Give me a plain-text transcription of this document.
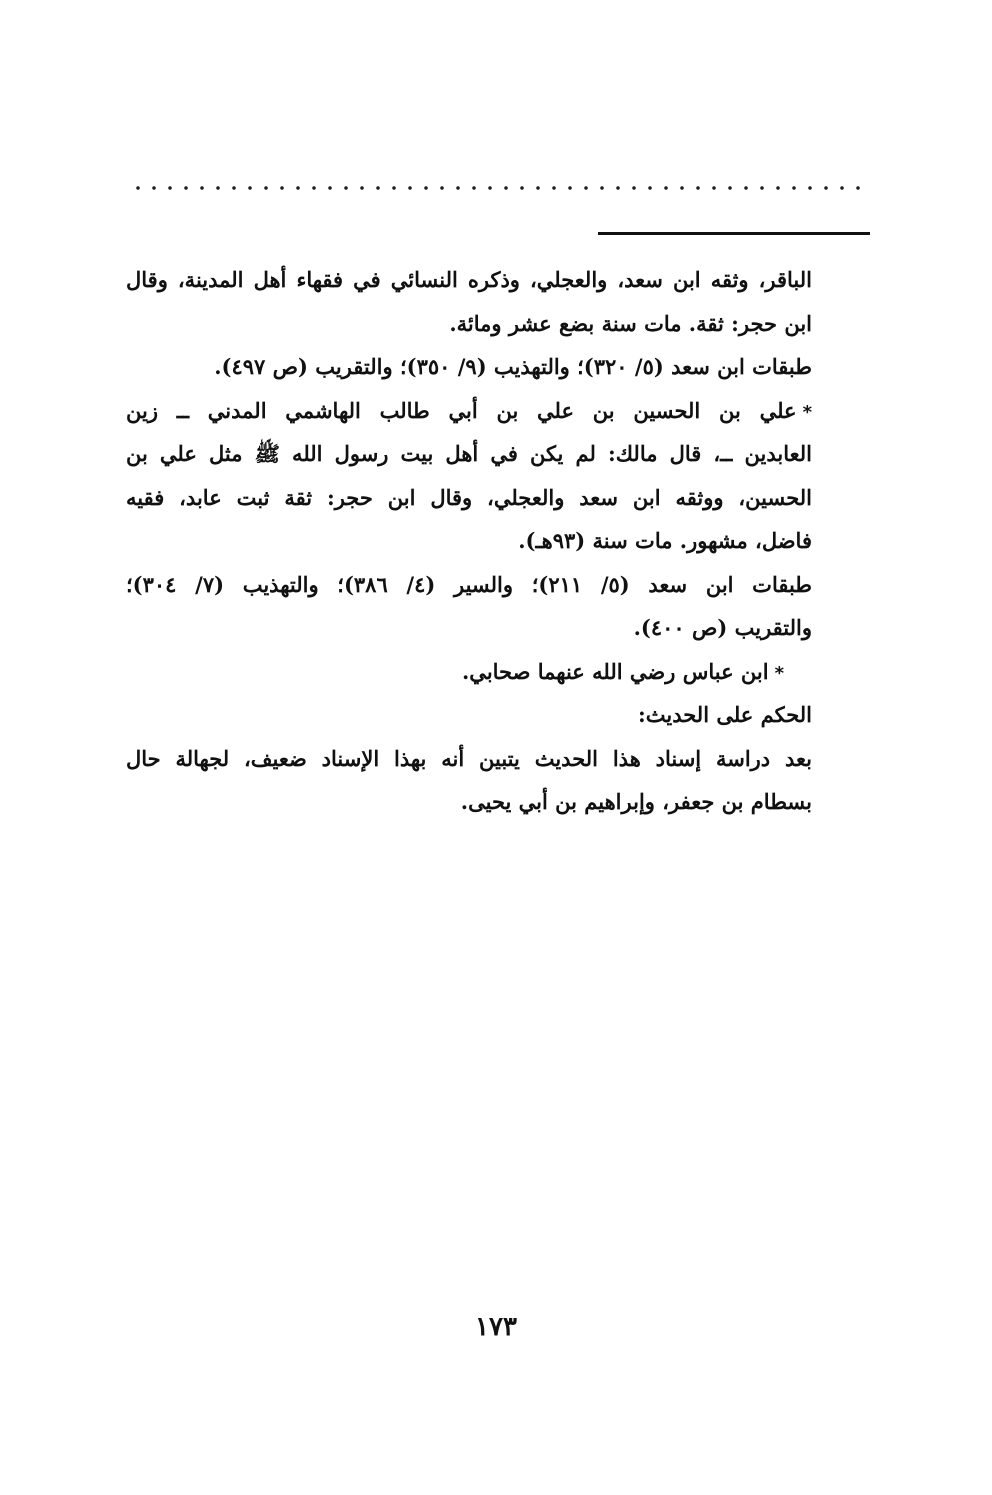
الباقر، وثقه ابن سعد، والعجلي، وذكره النسائي في فقهاء أهل المدينة، وقال
ابن حجر: ثقة. مات سنة بضع عشر ومائة.
طبقات ابن سعد (٥/ ٣٢٠)؛ والتهذيب (٩/ ٣٥٠)؛ والتقريب (ص ٤٩٧).
*علي بن الحسين بن علي بن أبي طالب الهاشمي المدني ــ زين
العابدين ــ، قال مالك: لم يكن في أهل بيت رسول الله ﷺ مثل علي بن
الحسين، ووثقه ابن سعد والعجلي، وقال ابن حجر: ثقة ثبت عابد، فقيه
فاضل، مشهور. مات سنة (٩٣هـ).
طبقات ابن سعد (٥/ ٢١١)؛ والسير (٤/ ٣٨٦)؛ والتهذيب (٧/ ٣٠٤)؛
والتقريب (ص ٤٠٠).
*ابن عباس رضي الله عنهما صحابي.
الحكم على الحديث:
بعد دراسة إسناد هذا الحديث يتبين أنه بهذا الإسناد ضعيف، لجهالة حال
بسطام بن جعفر، وإبراهيم بن أبي يحيى.
١٧٣
